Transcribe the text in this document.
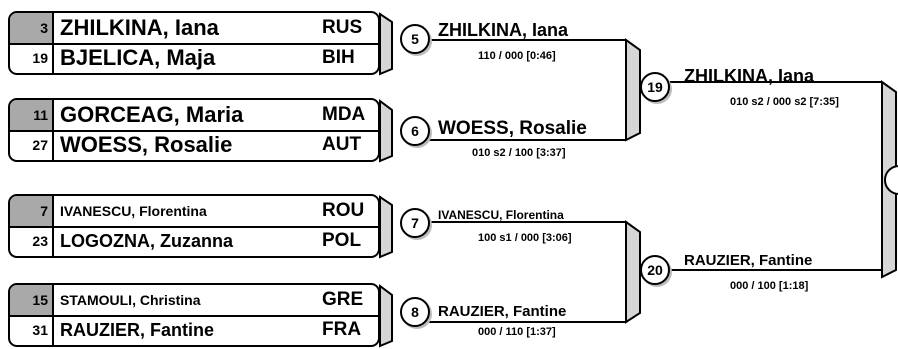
3 ZHILKINA, Iana	RUS
19 BJELICA, Maja	BIH
11 GORCEAG, Maria	MDA
27 WOESS, Rosalie	AUT
7 IVANESCU, Florentina	ROU
23 LOGOZNA, Zuzanna	POL
15 STAMOULI, Christina	GRE
31 RAUZIER, Fantine	FRA
5
6
7
8
ZHILKINA, Iana
110 / 000 [0:46]
WOESS, Rosalie
010 s2 / 100 [3:37]
IVANESCU, Florentina
100 s1 / 000 [3:06]
RAUZIER, Fantine
000 / 110 [1:37]
19
ZHILKINA, Iana
010 s2 / 000 s2 [7:35]
20
RAUZIER, Fantine
000 / 100 [1:18]
